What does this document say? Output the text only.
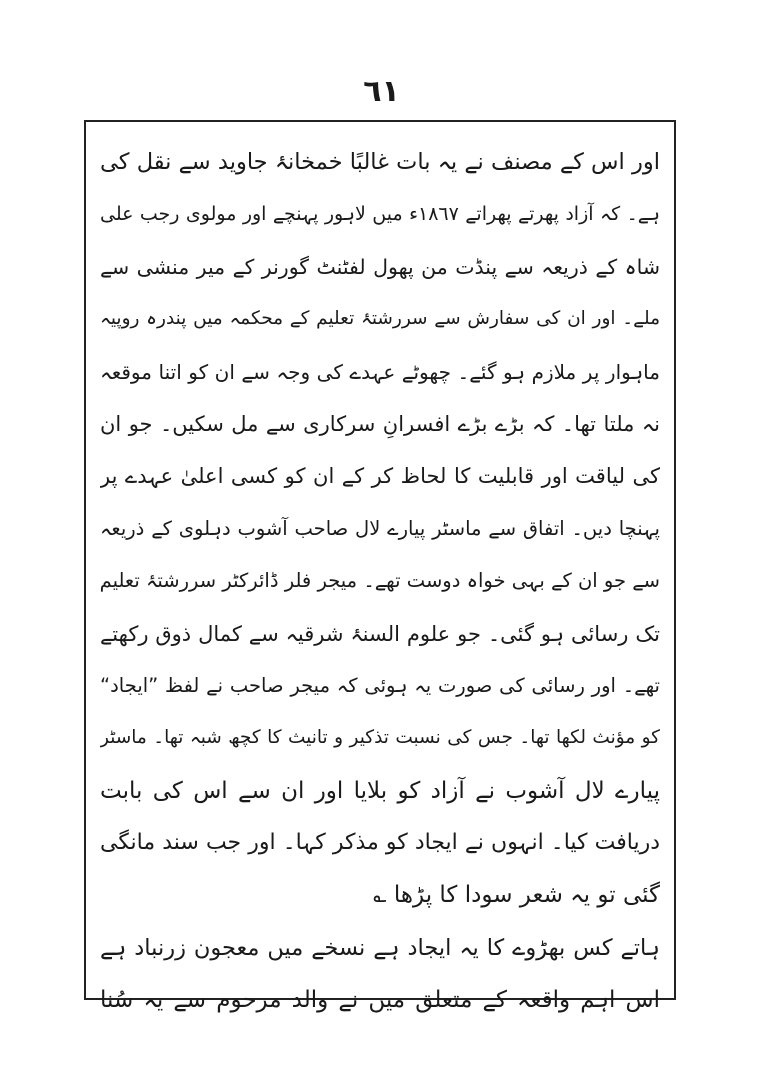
٦١
اور اس کے مصنف نے یہ بات غالبًا خمخانۂ جاوید سے نقل کی
ہے۔ کہ آزاد پھرتے پھراتے ١٨٦٧ء میں لاہور پہنچے اور مولوی رجب علی
شاہ کے ذریعہ سے پنڈت من پھول لفٹنٹ گورنر کے میر منشی سے
ملے۔ اور ان کی سفارش سے سررشتۂ تعلیم کے محکمہ میں پندرہ روپیہ
ماہوار پر ملازم ہو گئے۔ چھوٹے عہدے کی وجہ سے ان کو اتنا موقعہ
نہ ملتا تھا۔ کہ بڑے بڑے افسرانِ سرکاری سے مل سکیں۔ جو ان
کی لیاقت اور قابلیت کا لحاظ کر کے ان کو کسی اعلیٰ عہدے پر
پہنچا دیں۔ اتفاق سے ماسٹر پیارے لال صاحب آشوب دہلوی کے ذریعہ
سے جو ان کے بہی خواہ دوست تھے۔ میجر فلر ڈائرکٹر سررشتۂ تعلیم
تک رسائی ہو گئی۔ جو علوم السنۂ شرقیہ سے کمال ذوق رکھتے
تھے۔ اور رسائی کی صورت یہ ہوئی کہ میجر صاحب نے لفظ ”ایجاد“
کو مؤنث لکھا تھا۔ جس کی نسبت تذکیر و تانیث کا کچھ شبہ تھا۔ ماسٹر
پیارے لال آشوب نے آزاد کو بلایا اور ان سے اس کی بابت
دریافت کیا۔ انہوں نے ایجاد کو مذکر کہا۔ اور جب سند مانگی
گئی تو یہ شعر سودا کا پڑھا ؎
ہاتے کس بھڑوے کا یہ ایجاد ہے نسخے میں معجون زرنباد ہے
اس اہم واقعہ کے متعلق میں نے والد مرحوم سے یہ سُنا
